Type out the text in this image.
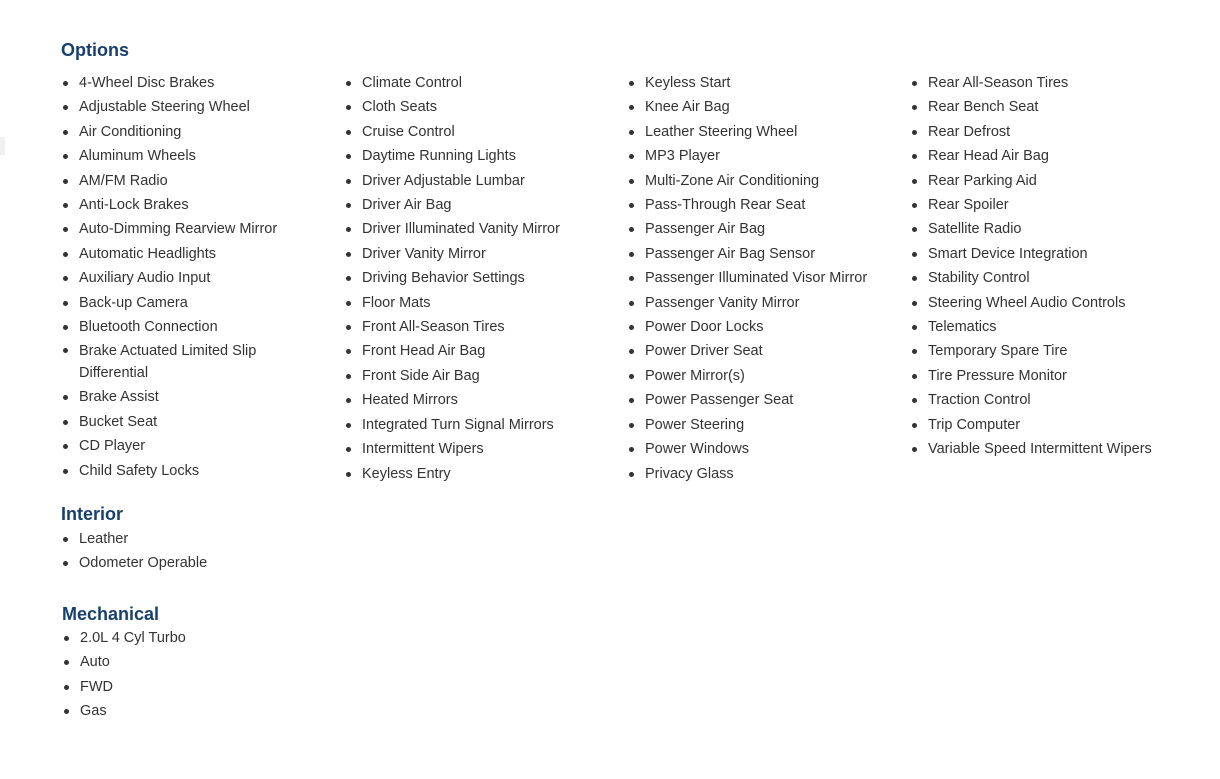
Options
4-Wheel Disc Brakes
Adjustable Steering Wheel
Air Conditioning
Aluminum Wheels
AM/FM Radio
Anti-Lock Brakes
Auto-Dimming Rearview Mirror
Automatic Headlights
Auxiliary Audio Input
Back-up Camera
Bluetooth Connection
Brake Actuated Limited Slip Differential
Brake Assist
Bucket Seat
CD Player
Child Safety Locks
Climate Control
Cloth Seats
Cruise Control
Daytime Running Lights
Driver Adjustable Lumbar
Driver Air Bag
Driver Illuminated Vanity Mirror
Driver Vanity Mirror
Driving Behavior Settings
Floor Mats
Front All-Season Tires
Front Head Air Bag
Front Side Air Bag
Heated Mirrors
Integrated Turn Signal Mirrors
Intermittent Wipers
Keyless Entry
Keyless Start
Knee Air Bag
Leather Steering Wheel
MP3 Player
Multi-Zone Air Conditioning
Pass-Through Rear Seat
Passenger Air Bag
Passenger Air Bag Sensor
Passenger Illuminated Visor Mirror
Passenger Vanity Mirror
Power Door Locks
Power Driver Seat
Power Mirror(s)
Power Passenger Seat
Power Steering
Power Windows
Privacy Glass
Rear All-Season Tires
Rear Bench Seat
Rear Defrost
Rear Head Air Bag
Rear Parking Aid
Rear Spoiler
Satellite Radio
Smart Device Integration
Stability Control
Steering Wheel Audio Controls
Telematics
Temporary Spare Tire
Tire Pressure Monitor
Traction Control
Trip Computer
Variable Speed Intermittent Wipers
Interior
Leather
Odometer Operable
Mechanical
2.0L 4 Cyl Turbo
Auto
FWD
Gas
